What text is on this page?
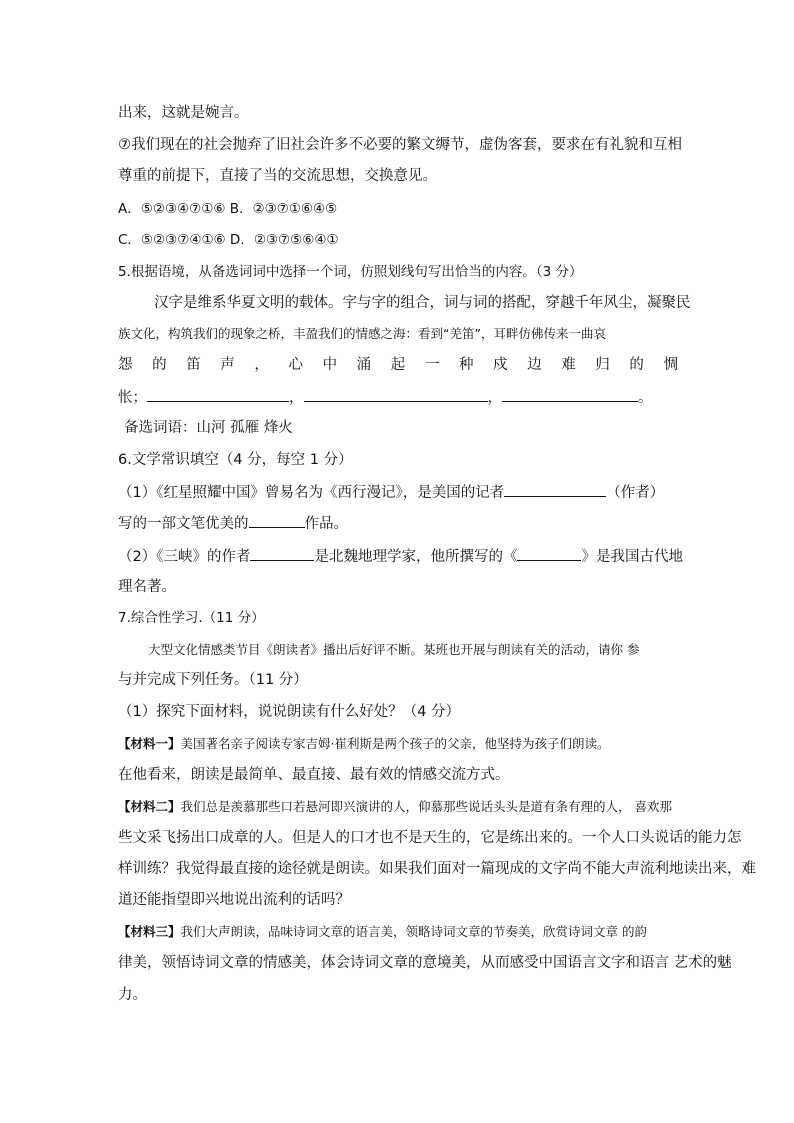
出来，这就是婉言。
⑦我们现在的社会抛弃了旧社会许多不必要的繁文缛节，虚伪客套，要求在有礼貌和互相
尊重的前提下，直接了当的交流思想，交换意见。
A．⑤②③④⑦①⑥ B．②③⑦①⑥④⑤
C．⑤②③⑦④①⑥ D．②③⑦⑤⑥④①
5.根据语境，从备选词词中选择一个词，仿照划线句写出恰当的内容。（3 分）
汉字是维系华夏文明的载体。字与字的组合，词与词的搭配，穿越千年风尘，凝聚民
族文化，构筑我们的现象之桥，丰盈我们的情感之海：看到“羌笛”，耳畔仿佛传来一曲哀
怨 的 笛 声 ， 心 中 涌 起 一 种 戍 边 难 归 的 惆
怅；	，	，	。
备选词语：山河 孤雁 烽火
6.文学常识填空（4 分，每空 1 分）
（1）《红星照耀中国》曾易名为《西行漫记》，是美国的记者	（作者）
写的一部文笔优美的	作品。
（2）《三峡》的作者	是北魏地理学家，他所撰写的《	》是我国古代地
理名著。
7.综合性学习.（11 分）
大型文化情感类节目《朗读者》播出后好评不断。某班也开展与朗读有关的活动，请你 参
与并完成下列任务。（11 分）
（1）探究下面材料，说说朗读有什么好处？（4 分）
【材料一】美国著名亲子阅读专家吉姆·崔利斯是两个孩子的父亲，他坚持为孩子们朗读。
在他看来，朗读是最简单、最直接、最有效的情感交流方式。
【材料二】我们总是羡慕那些口若悬河即兴演讲的人，仰慕那些说话头头是道有条有理的人， 喜欢那
些文采飞扬出口成章的人。但是人的口才也不是天生的，它是练出来的。一个人口头说话的能力怎
样训练？我觉得最直接的途径就是朗读。如果我们面对一篇现成的文字尚不能大声流利地读出来，难
道还能指望即兴地说出流利的话吗？
【材料三】我们大声朗读，品味诗词文章的语言美，领略诗词文章的节奏美，欣赏诗词文章 的韵
律美，领悟诗词文章的情感美，体会诗词文章的意境美，从而感受中国语言文字和语言 艺术的魅
力。
